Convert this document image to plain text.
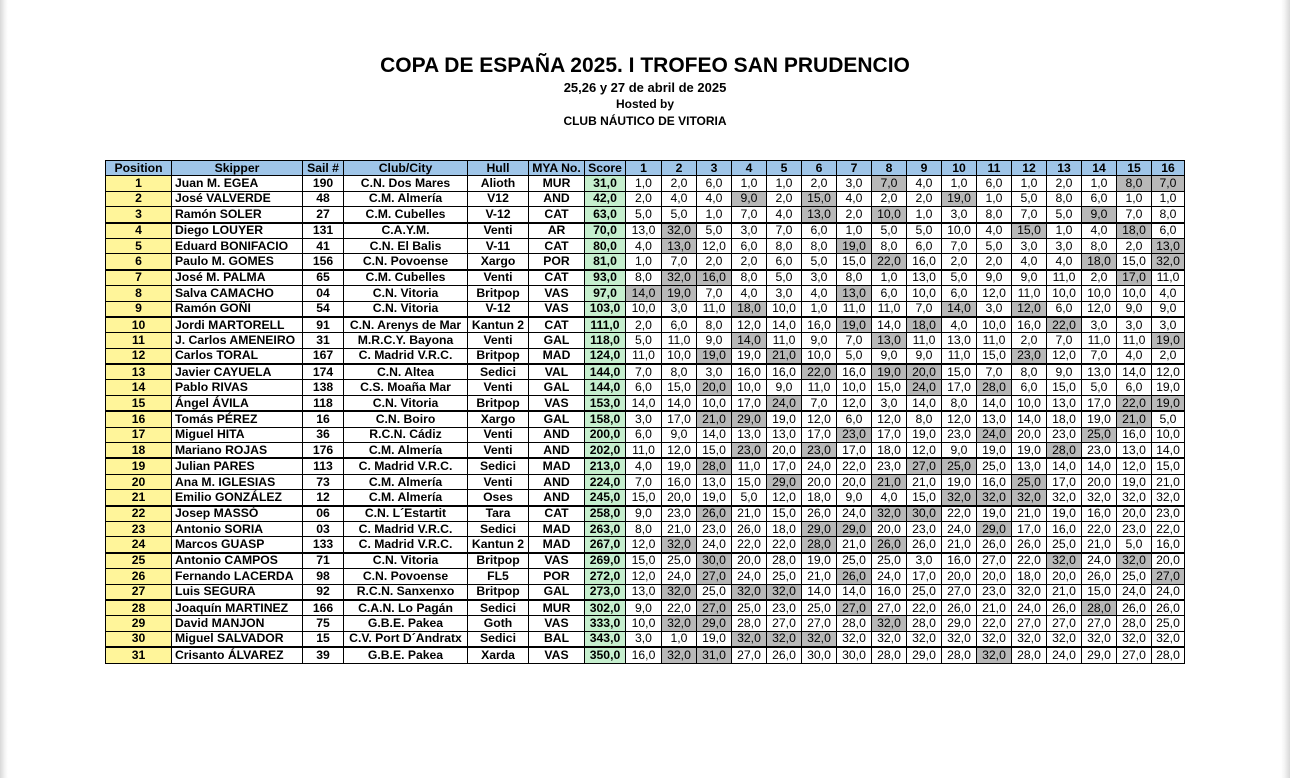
COPA DE ESPAÑA 2025. I TROFEO SAN PRUDENCIO
25,26 y 27 de abril de 2025
Hosted by
CLUB NÁUTICO DE VITORIA
Position	Skipper	Sail #	Club/City	Hull	MYA No.	Score	1	2	3	4	5	6	7	8	9	10	11	12	13	14	15	16
1	Juan M. EGEA	190	C.N. Dos Mares	Alioth	MUR	31,0	1,0	2,0	6,0	1,0	1,0	2,0	3,0	7,0	4,0	1,0	6,0	1,0	2,0	1,0	8,0	7,0
2	José VALVERDE	48	C.M. Almería	V12	AND	42,0	2,0	4,0	4,0	9,0	2,0	15,0	4,0	2,0	2,0	19,0	1,0	5,0	8,0	6,0	1,0	1,0
3	Ramón SOLER	27	C.M. Cubelles	V-12	CAT	63,0	5,0	5,0	1,0	7,0	4,0	13,0	2,0	10,0	1,0	3,0	8,0	7,0	5,0	9,0	7,0	8,0
4	Diego LOUYER	131	C.A.Y.M.	Venti	AR	70,0	13,0	32,0	5,0	3,0	7,0	6,0	1,0	5,0	5,0	10,0	4,0	15,0	1,0	4,0	18,0	6,0
5	Eduard BONIFACIO	41	C.N. El Balis	V-11	CAT	80,0	4,0	13,0	12,0	6,0	8,0	8,0	19,0	8,0	6,0	7,0	5,0	3,0	3,0	8,0	2,0	13,0
6	Paulo M. GOMES	156	C.N. Povoense	Xargo	POR	81,0	1,0	7,0	2,0	2,0	6,0	5,0	15,0	22,0	16,0	2,0	2,0	4,0	4,0	18,0	15,0	32,0
7	José M. PALMA	65	C.M. Cubelles	Venti	CAT	93,0	8,0	32,0	16,0	8,0	5,0	3,0	8,0	1,0	13,0	5,0	9,0	9,0	11,0	2,0	17,0	11,0
8	Salva CAMACHO	04	C.N. Vitoria	Britpop	VAS	97,0	14,0	19,0	7,0	4,0	3,0	4,0	13,0	6,0	10,0	6,0	12,0	11,0	10,0	10,0	10,0	4,0
9	Ramón GOÑI	54	C.N. Vitoria	V-12	VAS	103,0	10,0	3,0	11,0	18,0	10,0	1,0	11,0	11,0	7,0	14,0	3,0	12,0	6,0	12,0	9,0	9,0
10	Jordi MARTORELL	91	C.N. Arenys de Mar	Kantun 2	CAT	111,0	2,0	6,0	8,0	12,0	14,0	16,0	19,0	14,0	18,0	4,0	10,0	16,0	22,0	3,0	3,0	3,0
11	J. Carlos AMENEIRO	31	M.R.C.Y. Bayona	Venti	GAL	118,0	5,0	11,0	9,0	14,0	11,0	9,0	7,0	13,0	11,0	13,0	11,0	2,0	7,0	11,0	11,0	19,0
12	Carlos TORAL	167	C. Madrid V.R.C.	Britpop	MAD	124,0	11,0	10,0	19,0	19,0	21,0	10,0	5,0	9,0	9,0	11,0	15,0	23,0	12,0	7,0	4,0	2,0
13	Javier CAYUELA	174	C.N. Altea	Sedici	VAL	144,0	7,0	8,0	3,0	16,0	16,0	22,0	16,0	19,0	20,0	15,0	7,0	8,0	9,0	13,0	14,0	12,0
14	Pablo RIVAS	138	C.S. Moaña Mar	Venti	GAL	144,0	6,0	15,0	20,0	10,0	9,0	11,0	10,0	15,0	24,0	17,0	28,0	6,0	15,0	5,0	6,0	19,0
15	Ángel ÁVILA	118	C.N. Vitoria	Britpop	VAS	153,0	14,0	14,0	10,0	17,0	24,0	7,0	12,0	3,0	14,0	8,0	14,0	10,0	13,0	17,0	22,0	19,0
16	Tomás PÉREZ	16	C.N. Boiro	Xargo	GAL	158,0	3,0	17,0	21,0	29,0	19,0	12,0	6,0	12,0	8,0	12,0	13,0	14,0	18,0	19,0	21,0	5,0
17	Miguel HITA	36	R.C.N. Cádiz	Venti	AND	200,0	6,0	9,0	14,0	13,0	13,0	17,0	23,0	17,0	19,0	23,0	24,0	20,0	23,0	25,0	16,0	10,0
18	Mariano ROJAS	176	C.M. Almería	Venti	AND	202,0	11,0	12,0	15,0	23,0	20,0	23,0	17,0	18,0	12,0	9,0	19,0	19,0	28,0	23,0	13,0	14,0
19	Julian PARES	113	C. Madrid V.R.C.	Sedici	MAD	213,0	4,0	19,0	28,0	11,0	17,0	24,0	22,0	23,0	27,0	25,0	25,0	13,0	14,0	14,0	12,0	15,0
20	Ana M. IGLESIAS	73	C.M. Almería	Venti	AND	224,0	7,0	16,0	13,0	15,0	29,0	20,0	20,0	21,0	21,0	19,0	16,0	25,0	17,0	20,0	19,0	21,0
21	Emilio GONZÁLEZ	12	C.M. Almería	Oses	AND	245,0	15,0	20,0	19,0	5,0	12,0	18,0	9,0	4,0	15,0	32,0	32,0	32,0	32,0	32,0	32,0	32,0
22	Josep MASSÓ	06	C.N. L´Estartit	Tara	CAT	258,0	9,0	23,0	26,0	21,0	15,0	26,0	24,0	32,0	30,0	22,0	19,0	21,0	19,0	16,0	20,0	23,0
23	Antonio SORIA	03	C. Madrid V.R.C.	Sedici	MAD	263,0	8,0	21,0	23,0	26,0	18,0	29,0	29,0	20,0	23,0	24,0	29,0	17,0	16,0	22,0	23,0	22,0
24	Marcos GUASP	133	C. Madrid V.R.C.	Kantun 2	MAD	267,0	12,0	32,0	24,0	22,0	22,0	28,0	21,0	26,0	26,0	21,0	26,0	26,0	25,0	21,0	5,0	16,0
25	Antonio CAMPOS	71	C.N. Vitoria	Britpop	VAS	269,0	15,0	25,0	30,0	20,0	28,0	19,0	25,0	25,0	3,0	16,0	27,0	22,0	32,0	24,0	32,0	20,0
26	Fernando LACERDA	98	C.N. Povoense	FL5	POR	272,0	12,0	24,0	27,0	24,0	25,0	21,0	26,0	24,0	17,0	20,0	20,0	18,0	20,0	26,0	25,0	27,0
27	Luis SEGURA	92	R.C.N. Sanxenxo	Britpop	GAL	273,0	13,0	32,0	25,0	32,0	32,0	14,0	14,0	16,0	25,0	27,0	23,0	32,0	21,0	15,0	24,0	24,0
28	Joaquín MARTINEZ	166	C.A.N. Lo Pagán	Sedici	MUR	302,0	9,0	22,0	27,0	25,0	23,0	25,0	27,0	27,0	22,0	26,0	21,0	24,0	26,0	28,0	26,0	26,0
29	David MANJON	75	G.B.E. Pakea	Goth	VAS	333,0	10,0	32,0	29,0	28,0	27,0	27,0	28,0	32,0	28,0	29,0	22,0	27,0	27,0	27,0	28,0	25,0
30	Miguel SALVADOR	15	C.V. Port D´Andratx	Sedici	BAL	343,0	3,0	1,0	19,0	32,0	32,0	32,0	32,0	32,0	32,0	32,0	32,0	32,0	32,0	32,0	32,0	32,0
31	Crisanto ÁLVAREZ	39	G.B.E. Pakea	Xarda	VAS	350,0	16,0	32,0	31,0	27,0	26,0	30,0	30,0	28,0	29,0	28,0	32,0	28,0	24,0	29,0	27,0	28,0
